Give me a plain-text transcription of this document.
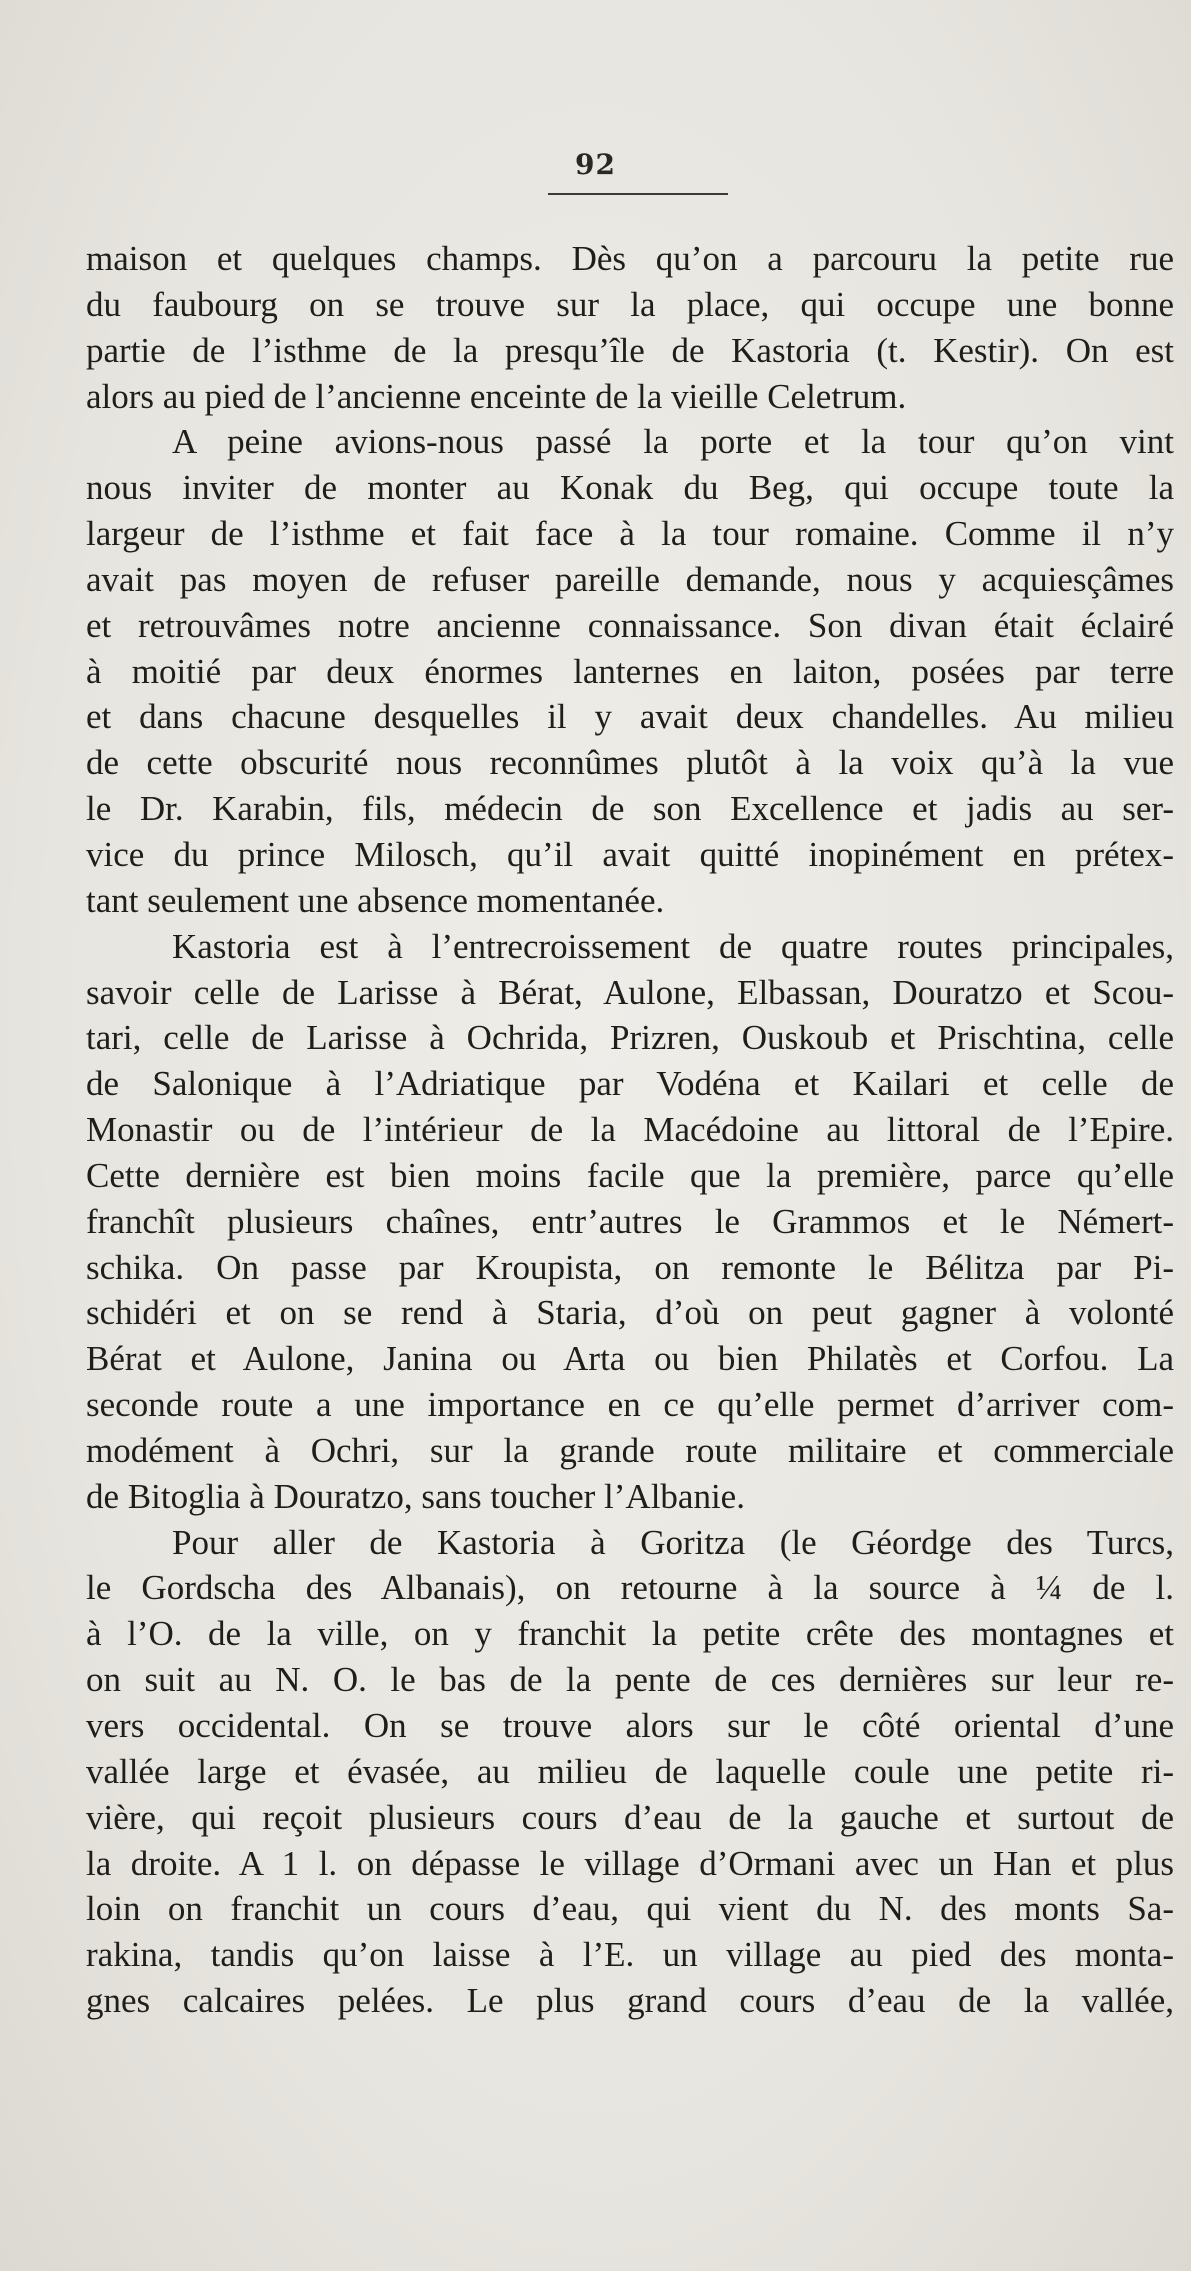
92
maison et quelques champs. Dès qu’on a parcouru la petite rue
du faubourg on se trouve sur la place, qui occupe une bonne
partie de l’isthme de la presqu’île de Kastoria (t. Kestir). On est
alors au pied de l’ancienne enceinte de la vieille Celetrum.
A peine avions-nous passé la porte et la tour qu’on vint
nous inviter de monter au Konak du Beg, qui occupe toute la
largeur de l’isthme et fait face à la tour romaine. Comme il n’y
avait pas moyen de refuser pareille demande, nous y acquiesçâmes
et retrouvâmes notre ancienne connaissance. Son divan était éclairé
à moitié par deux énormes lanternes en laiton, posées par terre
et dans chacune desquelles il y avait deux chandelles. Au milieu
de cette obscurité nous reconnûmes plutôt à la voix qu’à la vue
le Dr. Karabin, fils, médecin de son Excellence et jadis au ser-
vice du prince Milosch, qu’il avait quitté inopinément en prétex-
tant seulement une absence momentanée.
Kastoria est à l’entrecroissement de quatre routes principales,
savoir celle de Larisse à Bérat, Aulone, Elbassan, Douratzo et Scou-
tari, celle de Larisse à Ochrida, Prizren, Ouskoub et Prischtina, celle
de Salonique à l’Adriatique par Vodéna et Kailari et celle de
Monastir ou de l’intérieur de la Macédoine au littoral de l’Epire.
Cette dernière est bien moins facile que la première, parce qu’elle
franchît plusieurs chaînes, entr’autres le Grammos et le Némert-
schika. On passe par Kroupista, on remonte le Bélitza par Pi-
schidéri et on se rend à Staria, d’où on peut gagner à volonté
Bérat et Aulone, Janina ou Arta ou bien Philatès et Corfou. La
seconde route a une importance en ce qu’elle permet d’arriver com-
modément à Ochri, sur la grande route militaire et commerciale
de Bitoglia à Douratzo, sans toucher l’Albanie.
Pour aller de Kastoria à Goritza (le Géordge des Turcs,
le Gordscha des Albanais), on retourne à la source à ¼ de l.
à l’O. de la ville, on y franchit la petite crête des montagnes et
on suit au N. O. le bas de la pente de ces dernières sur leur re-
vers occidental. On se trouve alors sur le côté oriental d’une
vallée large et évasée, au milieu de laquelle coule une petite ri-
vière, qui reçoit plusieurs cours d’eau de la gauche et surtout de
la droite. A 1 l. on dépasse le village d’Ormani avec un Han et plus
loin on franchit un cours d’eau, qui vient du N. des monts Sa-
rakina, tandis qu’on laisse à l’E. un village au pied des monta-
gnes calcaires pelées. Le plus grand cours d’eau de la vallée,
